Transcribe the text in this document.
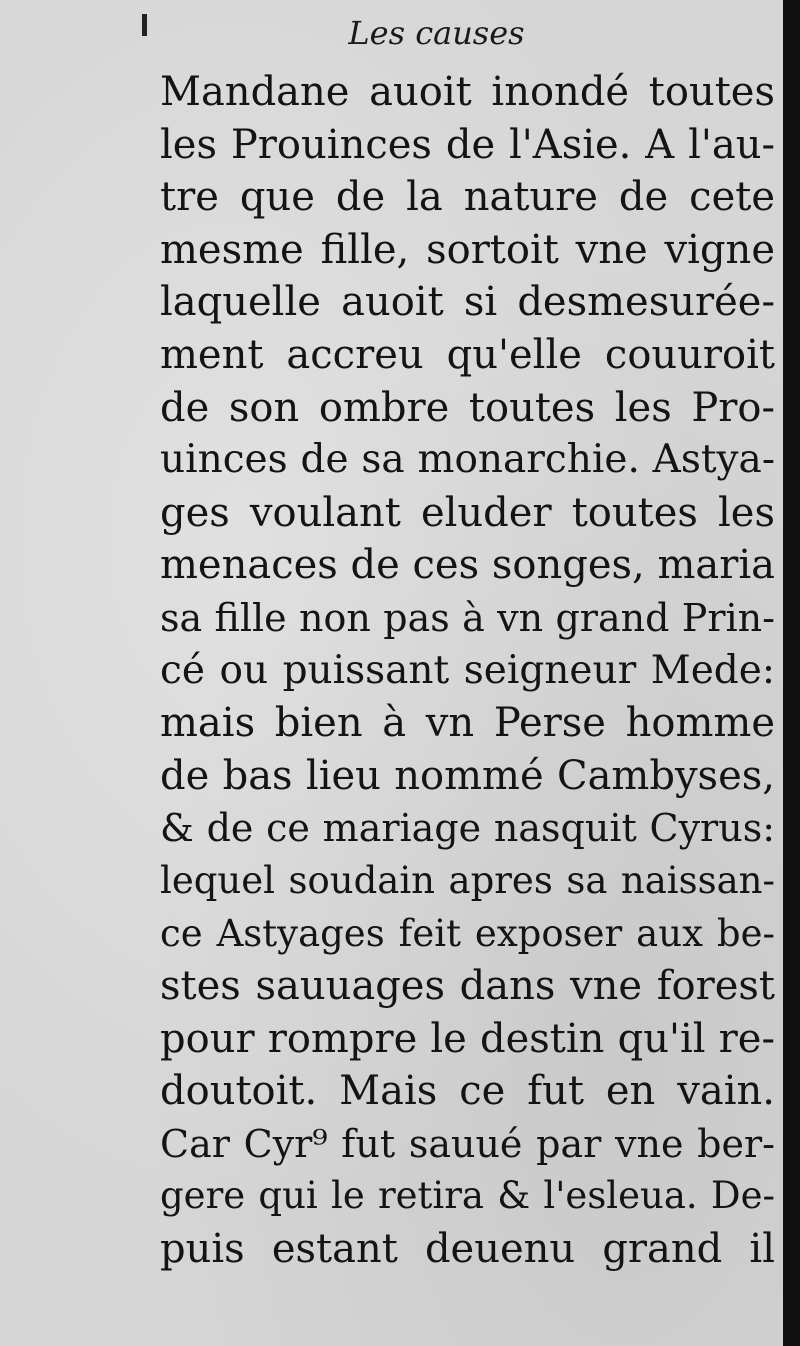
Les causes
Mandane auoit inondé toutes
les Prouinces de l'Asie. A l'au-
tre que de la nature de cete
mesme fille, sortoit vne vigne
laquelle auoit si desmesurée-
ment accreu qu'elle couuroit
de son ombre toutes les Pro-
uinces de sa monarchie. Astya-
ges voulant eluder toutes les
menaces de ces songes, maria
sa fille non pas à vn grand Prin-
cé ou puissant seigneur Mede:
mais bien à vn Perse homme
de bas lieu nommé Cambyses,
& de ce mariage nasquit Cyrus:
lequel soudain apres sa naissan-
ce Astyages feit exposer aux be-
stes sauuages dans vne forest
pour rompre le destin qu'il re-
doutoit. Mais ce fut en vain.
Car Cyr⁹ fut sauué par vne ber-
gere qui le retira & l'esleua. De-
puis estant deuenu grand il
